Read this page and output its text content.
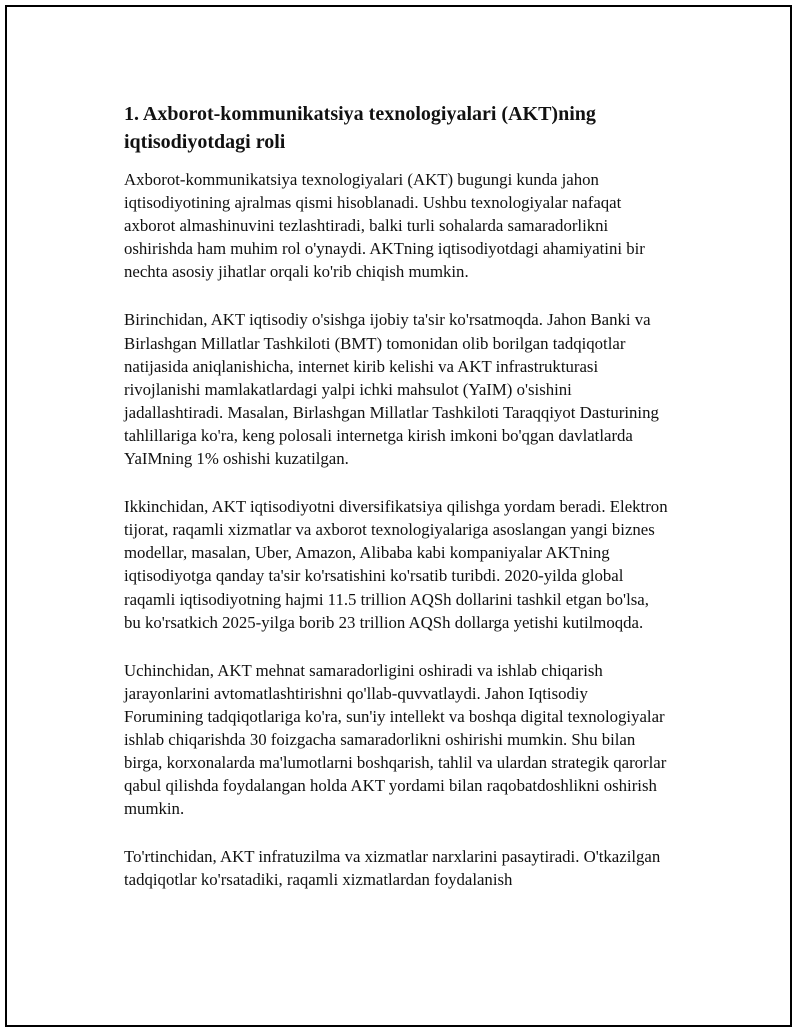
1. Axborot-kommunikatsiya texnologiyalari (AKT)ning iqtisodiyotdagi roli

Axborot-kommunikatsiya texnologiyalari (AKT) bugungi kunda jahon iqtisodiyotining ajralmas qismi hisoblanadi. Ushbu texnologiyalar nafaqat axborot almashinuvini tezlashtiradi, balki turli sohalarda samaradorlikni oshirishda ham muhim rol o'ynaydi. AKTning iqtisodiyotdagi ahamiyatini bir nechta asosiy jihatlar orqali ko'rib chiqish mumkin.

Birinchidan, AKT iqtisodiy o'sishga ijobiy ta'sir ko'rsatmoqda. Jahon Banki va Birlashgan Millatlar Tashkiloti (BMT) tomonidan olib borilgan tadqiqotlar natijasida aniqlanishicha, internet kirib kelishi va AKT infrastrukturasi rivojlanishi mamlakatlardagi yalpi ichki mahsulot (YaIM) o'sishini jadallashtiradi. Masalan, Birlashgan Millatlar Tashkiloti Taraqqiyot Dasturining tahlillariga ko'ra, keng polosali internetga kirish imkoni bo'qgan davlatlarda YaIMning 1% oshishi kuzatilgan.

Ikkinchidan, AKT iqtisodiyotni diversifikatsiya qilishga yordam beradi. Elektron tijorat, raqamli xizmatlar va axborot texnologiyalariga asoslangan yangi biznes modellar, masalan, Uber, Amazon, Alibaba kabi kompaniyalar AKTning iqtisodiyotga qanday ta'sir ko'rsatishini ko'rsatib turibdi. 2020-yilda global raqamli iqtisodiyotning hajmi 11.5 trillion AQSh dollarini tashkil etgan bo'lsa, bu ko'rsatkich 2025-yilga borib 23 trillion AQSh dollarga yetishi kutilmoqda.

Uchinchidan, AKT mehnat samaradorligini oshiradi va ishlab chiqarish jarayonlarini avtomatlashtirishni qo'llab-quvvatlaydi. Jahon Iqtisodiy Forumining tadqiqotlariga ko'ra, sun'iy intellekt va boshqa digital texnologiyalar ishlab chiqarishda 30 foizgacha samaradorlikni oshirishi mumkin. Shu bilan birga, korxonalarda ma'lumotlarni boshqarish, tahlil va ulardan strategik qarorlar qabul qilishda foydalangan holda AKT yordami bilan raqobatdoshlikni oshirish mumkin.

To'rtinchidan, AKT infratuzilma va xizmatlar narxlarini pasaytiradi. O'tkazilgan tadqiqotlar ko'rsatadiki, raqamli xizmatlardan foydalanish
